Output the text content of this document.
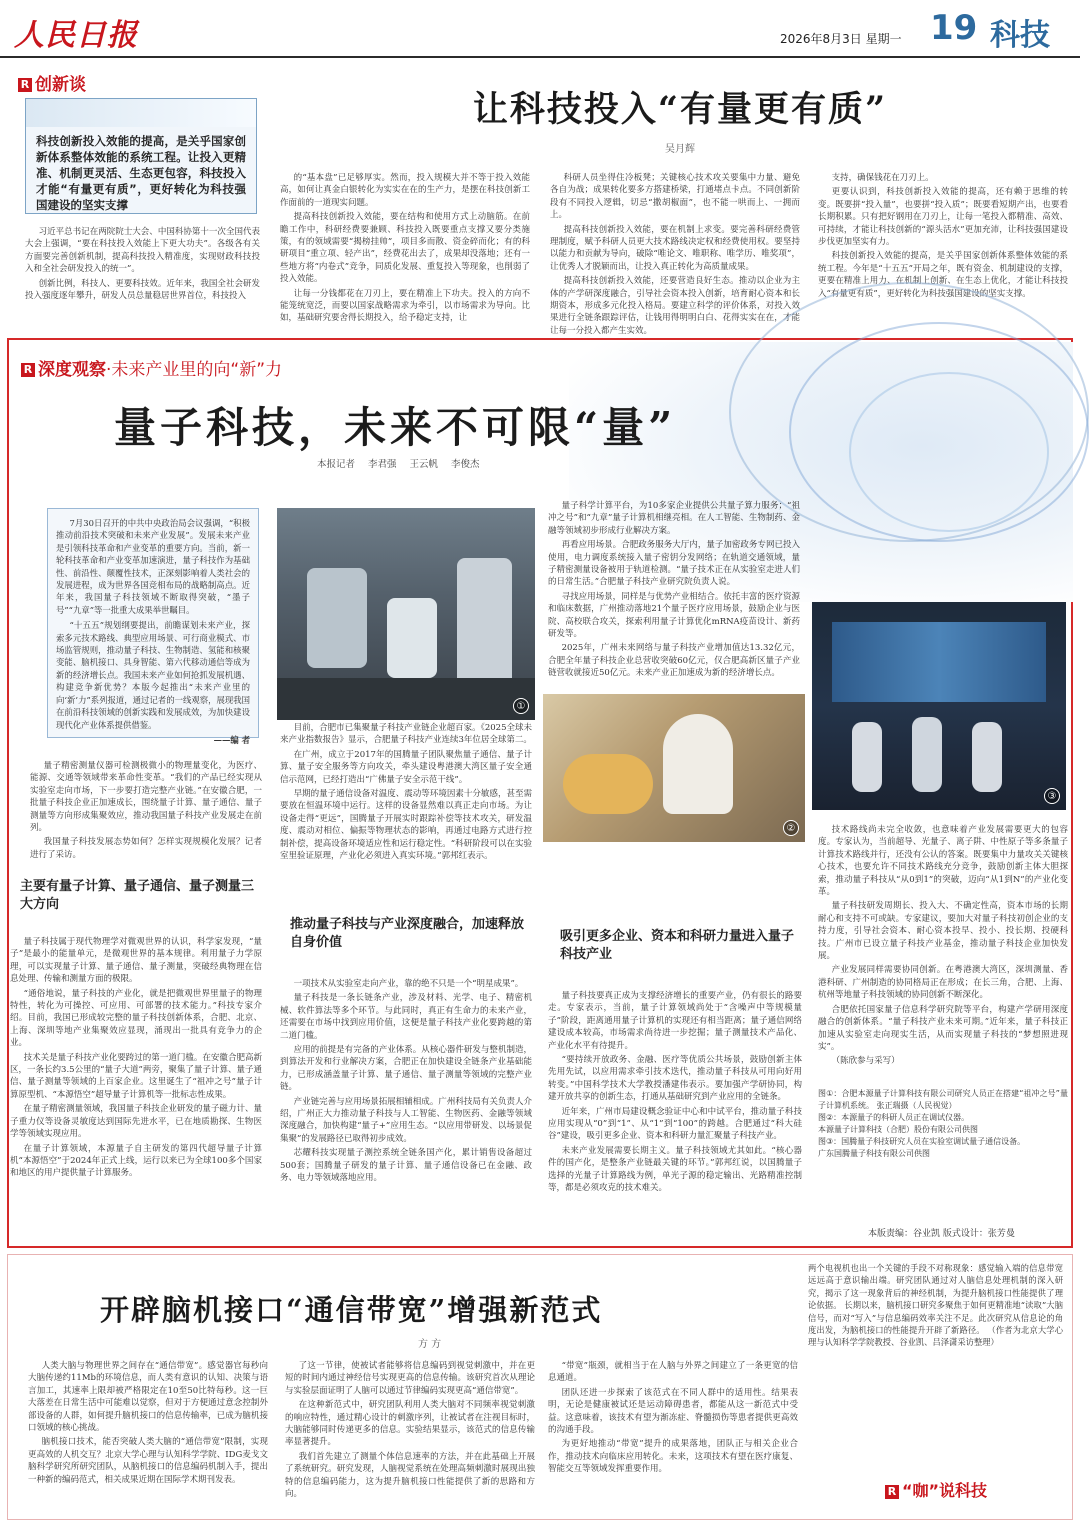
人民日报	2026年8月3日 星期一 19 科技
R 创新谈
科技创新投入效能的提高，是关乎国家创新体系整体效能的系统工程。让投入更精准、机制更灵活、生态更包容，科技投入才能“有量更有质”，更好转化为科技强国建设的坚实支撑
让科技投入“有量更有质”
吴月辉

习近平总书记在两院院士大会、中国科协第十一次全国代表大会上强调，“要在科技投入效能上下更大功夫”。各级各有关方面要完善创新机制，提高科技投入精准度，实现财政科技投入和全社会研发投入的统一”。

创新比例，科技人、更要科技效。近年来，我国全社会研发投入强度逐年攀升，研发人员总量稳居世界首位，科技投入

的“基本盘”已足够厚实。然而，投入规模大并不等于投入效能高，如何让真金白银转化为实实在在的生产力，是摆在科技创新工作面前的一道现实问题。

提高科技创新投入效能，要在结构和使用方式上动脑筋。在前瞻工作中，科研经费要兼顾、科技投入既要重点支撑又要分类施策，有的领域需要“揭榜挂帅”，项目多而散、资金碎而化；有的科研项目“重立项、轻产出”，经费花出去了，成果却没落地；还有一些地方将“内卷式”竞争，同质化发展、重复投入等现象，也削弱了投入效能。

让每一分钱都花在刀刃上，要在精准上下功夫。投入的方向不能笼统宽泛，而要以国家战略需求为牵引，以市场需求为导向。比如，基础研究要舍得长期投入，给予稳定支持，让

科研人员坐得住冷板凳；关键核心技术攻关要集中力量、避免各自为战；成果转化要多方搭建桥梁，打通堵点卡点。不同创新阶段有不同投入逻辑，切忌“撒胡椒面”，也不能一哄而上、一拥而上。

提高科技创新投入效能，要在机制上求变。要完善科研经费管理制度，赋予科研人员更大技术路线决定权和经费使用权。要坚持以能力和贡献为导向，破除“唯论文、唯职称、唯学历、唯奖项”，让优秀人才脱颖而出，让投入真正转化为高质量成果。

提高科技创新投入效能，还要营造良好生态。推动以企业为主体的产学研深度融合，引导社会资本投入创新，培育耐心资本和长期资本，形成多元化投入格局。要建立科学的评价体系，对投入效果进行全链条跟踪评估，让钱用得明明白白、花得实实在在，才能让每一分投入都产生实效。

支持，确保钱花在刀刃上。

更要认识到，科技创新投入效能的提高，还有赖于思维的转变。既要拼“投入量”，也要拼“投入质”；既要看短期产出，也要看长期积累。只有把好钢用在刀刃上，让每一笔投入都精准、高效、可持续，才能让科技创新的“源头活水”更加充沛，让科技强国建设步伐更加坚实有力。

科技创新投入效能的提高，是关乎国家创新体系整体效能的系统工程。今年是“十五五”开局之年，既有资金、机制建设的支撑，更要在精准上用力、在机制上创新、在生态上优化，才能让科技投入“有量更有质”，更好转化为科技强国建设的坚实支撑。

R 深度观察·未来产业里的向“新”力
量子科技，未来不可限“量”
本报记者 李君强 王云帆 李俊杰

7月30日召开的中共中央政治局会议强调，“积极推动前沿技术突破和未来产业发展”。发展未来产业是引领科技革命和产业变革的重要方向。当前，新一轮科技革命和产业变革加速演进，量子科技作为基础性、前沿性、颠覆性技术，正深刻影响着人类社会的发展进程，成为世界各国竞相布局的战略制高点。近年来，我国量子科技领域不断取得突破，“墨子号”“九章”等一批重大成果举世瞩目。

“十五五”规划纲要提出，前瞻谋划未来产业，探索多元技术路线、典型应用场景、可行商业模式、市场监管规则，推动量子科技、生物制造、氢能和核聚变能、脑机接口、具身智能、第六代移动通信等成为新的经济增长点。我国未来产业如何抢抓发展机遇、构建竞争新优势？本版今起推出“未来产业里的向‘新’力”系列报道，通过记者的一线观察，展现我国在前沿科技领域的创新实践和发展成效，为加快建设现代化产业体系提供借鉴。

——编 者
①
③
②

量子科学计算平台，为10多家企业提供公共量子算力服务；“祖冲之号”和“九章”量子计算机相继亮相。在人工智能、生物制药、金融等领域初步形成行业解决方案。

再看应用场景。合肥政务服务大厅内，量子加密政务专网已投入使用，电力调度系统接入量子密钥分发网络；在轨道交通领域，量子精密测量设备被用于轨道检测。“量子技术正在从实验室走进人们的日常生活。”合肥量子科技产业研究院负责人说。

寻找应用场景，同样是与优势产业相结合。依托丰富的医疗资源和临床数据，广州推动落地21个量子医疗应用场景，鼓励企业与医院、高校联合攻关，探索利用量子计算优化mRNA疫苗设计、新药研发等。

2025年，广州未来网络与量子科技产业增加值达13.32亿元，合肥全年量子科技企业总营收突破60亿元，仅合肥高新区量子产业链营收就接近50亿元。未来产业正加速成为新的经济增长点。

量子精密测量仪器可检测极微小的物理量变化，为医疗、能源、交通等领域带来革命性变革。“我们的产品已经实现从实验室走向市场，下一步要打造完整产业链。”在安徽合肥，一批量子科技企业正加速成长，围绕量子计算、量子通信、量子测量等方向形成集聚效应，推动我国量子科技产业发展走在前列。

我国量子科技发展态势如何？怎样实现规模化发展？记者进行了采访。

主要有量子计算、量子通信、量子测量三大方向

量子科技属于现代物理学对微观世界的认识，科学家发现，“量子”是最小的能量单元，是微观世界的基本规律。利用量子力学原理，可以实现量子计算、量子通信、量子测量，突破经典物理在信息处理、传输和测量方面的极限。

“通俗地说，量子科技的产业化，就是把微观世界里量子的物理特性，转化为可操控、可应用、可部署的技术能力。”科技专家介绍。目前，我国已形成较完整的量子科技创新体系，合肥、北京、上海、深圳等地产业集聚效应显现，涌现出一批具有竞争力的企业。

技术关是量子科技产业化要跨过的第一道门槛。在安徽合肥高新区，一条长约3.5公里的“量子大道”两旁，聚集了量子计算、量子通信、量子测量等领域的上百家企业。这里诞生了“祖冲之号”量子计算原型机、“本源悟空”超导量子计算机等一批标志性成果。

在量子精密测量领域，我国量子科技企业研发的量子磁力计、量子重力仪等设备灵敏度达到国际先进水平，已在地质勘探、生物医学等领域实现应用。

在量子计算领域，本源量子自主研发的第四代超导量子计算机“本源悟空”于2024年正式上线，运行以来已为全球100多个国家和地区的用户提供量子计算服务。

目前，合肥市已集聚量子科技产业链企业超百家。《2025全球未来产业指数报告》显示，合肥量子科技产业连续3年位居全球第二。

在广州，成立于2017年的国腾量子团队聚焦量子通信、量子计算、量子安全服务等方向攻关，牵头建设粤港澳大湾区量子安全通信示范网，已经打造出“广佛量子安全示范干线”。

早期的量子通信设备对温度、震动等环境因素十分敏感，甚至需要放在恒温环境中运行。这样的设备显然难以真正走向市场。为让设备走得“更远”，国腾量子开展实时跟踪补偿等技术攻关，研发温度、震动对相位、偏振等物理状态的影响，再通过电路方式进行控制补偿，提高设备环境适应性和运行稳定性。“科研阶段可以在实验室里验证原理，产业化必须进入真实环境。”郭邦红表示。

推动量子科技与产业深度融合，加速释放自身价值

一项技术从实验室走向产业，靠的绝不只是一个“明星成果”。

量子科技是一条长链条产业，涉及材料、光学、电子、精密机械、软件算法等多个环节。与此同时，真正有生命力的未来产业，还需要在市场中找到应用价值，这便是量子科技产业化要跨越的第二道门槛。

应用的前提是有完备的产业体系。从核心器件研发与整机制造，到算法开发和行业解决方案，合肥正在加快建设全链条产业基础能力，已形成涵盖量子计算、量子通信、量子测量等领域的完整产业链。

产业链完善与应用场景拓展相辅相成。广州科技局有关负责人介绍，广州正大力推动量子科技与人工智能、生物医药、金融等领域深度融合，加快构建“量子+”应用生态。“以应用带研发、以场景促集聚”的发展路径已取得初步成效。

芯耀科技实现量子测控系统全链条国产化，累计销售设备超过500套；国腾量子研发的量子计算、量子通信设备已在金融、政务、电力等领域落地应用。

吸引更多企业、资本和科研力量进入量子科技产业

量子科技要真正成为支撑经济增长的重要产业，仍有很长的路要走。专家表示，当前，量子计算领域尚处于“含噪声中等规模量子”阶段，距离通用量子计算机的实现还有相当距离；量子通信网络建设成本较高，市场需求尚待进一步挖掘；量子测量技术产品化、产业化水平有待提升。

“要持续开放政务、金融、医疗等优质公共场景，鼓励创新主体先用先试，以应用需求牵引技术迭代，推动量子科技从可用向好用转变。”中国科学技术大学教授潘建伟表示。要加强产学研协同，构建开放共享的创新生态，打通从基础研究到产业应用的全链条。

近年来，广州市局建设概念验证中心和中试平台，推动量子科技应用实现从“0”到“1”、从“1”到“100”的跨越。合肥通过“科大硅谷”建设，吸引更多企业、资本和科研力量汇聚量子科技产业。

未来产业发展需要长期主义。量子科技领域尤其如此。“核心器件的国产化，是整条产业链最关键的环节。”郭邦红说，以国腾量子选择的光量子计算路线为例，单光子源的稳定输出、光路精准控制等，都是必须攻克的技术难关。

技术路线尚未完全收敛，也意味着产业发展需要更大的包容度。专家认为，当前超导、光量子、离子阱、中性原子等多条量子计算技术路线并行，还没有公认的答案。既要集中力量攻关关键核心技术，也要允许不同技术路线充分竞争，鼓励创新主体大胆探索，推动量子科技从“从0到1”的突破，迈向“从1到N”的产业化变革。

量子科技研发周期长、投入大、不确定性高，资本市场的长期耐心和支持不可或缺。专家建议，要加大对量子科技初创企业的支持力度，引导社会资本、耐心资本投早、投小、投长期、投硬科技。广州市已设立量子科技产业基金，推动量子科技企业加快发展。

产业发展同样需要协同创新。在粤港澳大湾区，深圳测量、香港科研、广州制造的协同格局正在形成；在长三角，合肥、上海、杭州等地量子科技领域的协同创新不断深化。

合肥依托国家量子信息科学研究院等平台，构建产学研用深度融合的创新体系。“量子科技产业未来可期。”近年来，量子科技正加速从实验室走向现实生活，从而实现量子科技的“梦想照进现实”。

（陈欣参与采写）

图①：合肥本源量子计算科技有限公司研究人员正在搭建“祖冲之号”量子计算机系统。 张正瑞摄（人民视觉）
图②：本源量子的科研人员正在调试仪器。
本源量子计算科技（合肥）股份有限公司供图
图③：国腾量子科技研究人员在实验室调试量子通信设备。
广东国腾量子科技有限公司供图
本版责编：谷业凯 版式设计：张芳曼
开辟脑机接口“通信带宽”增强新范式
方 方

人类大脑与物理世界之间存在“通信带宽”。感觉器官每秒向大脑传递约11Mb的环境信息，而人类有意识的认知、决策与语言加工，其速率上限却被严格限定在10至50比特每秒。这一巨大落差在日常生活中可能难以觉察，但对于方便通过意念控制外部设备的人群，如何提升脑机接口的信息传输率，已成为脑机接口领域的核心挑战。

脑机接口技术，能否突破人类大脑的“通信带宽”限制，实现更高效的人机交互？北京大学心理与认知科学学院、IDG麦戈文脑科学研究所研究团队，从脑机接口的信息编码机制入手，提出一种新的编码范式，相关成果近期在国际学术期刊发表。

了这一节律，使被试者能够将信息编码到视觉刺激中，并在更短的时间内通过神经信号实现更高的信息传输。该研究首次从理论与实验层面证明了人脑可以通过节律编码实现更高“通信带宽”。

在这种新范式中，研究团队利用人类大脑对不同频率视觉刺激的响应特性，通过精心设计的刺激序列，让被试者在注视目标时，大脑能够同时传递更多的信息。实验结果显示，该范式的信息传输率显著提升。

我们首先建立了测量个体信息速率的方法，并在此基础上开展了系统研究。研究发现，人脑视觉系统在处理高频刺激时展现出独特的信息编码能力，这为提升脑机接口性能提供了新的思路和方向。

“带宽”瓶颈，就相当于在人脑与外界之间建立了一条更宽的信息通道。

团队还进一步探索了该范式在不同人群中的适用性。结果表明，无论是健康被试还是运动障碍患者，都能从这一新范式中受益。这意味着，该技术有望为渐冻症、脊髓损伤等患者提供更高效的沟通手段。

为更好地推动“带宽”提升的成果落地，团队正与相关企业合作，推动技术向临床应用转化。未来，这项技术有望在医疗康复、智能交互等领域发挥重要作用。

两个电视机也出一个关键的手段不对称现象：感觉输入端的信息带宽远远高于意识输出端。研究团队通过对人脑信息处理机制的深入研究，揭示了这一现象背后的神经机制，为提升脑机接口性能提供了理论依据。 长期以来，脑机接口研究多聚焦于如何更精准地“读取”大脑信号，而对“写入”与信息编码效率关注不足。此次研究从信息论的角度出发，为脑机接口的性能提升开辟了新路径。 （作者为北京大学心理与认知科学学院教授、谷业凯、吕泽潇采访整理）
R “咖”说科技
